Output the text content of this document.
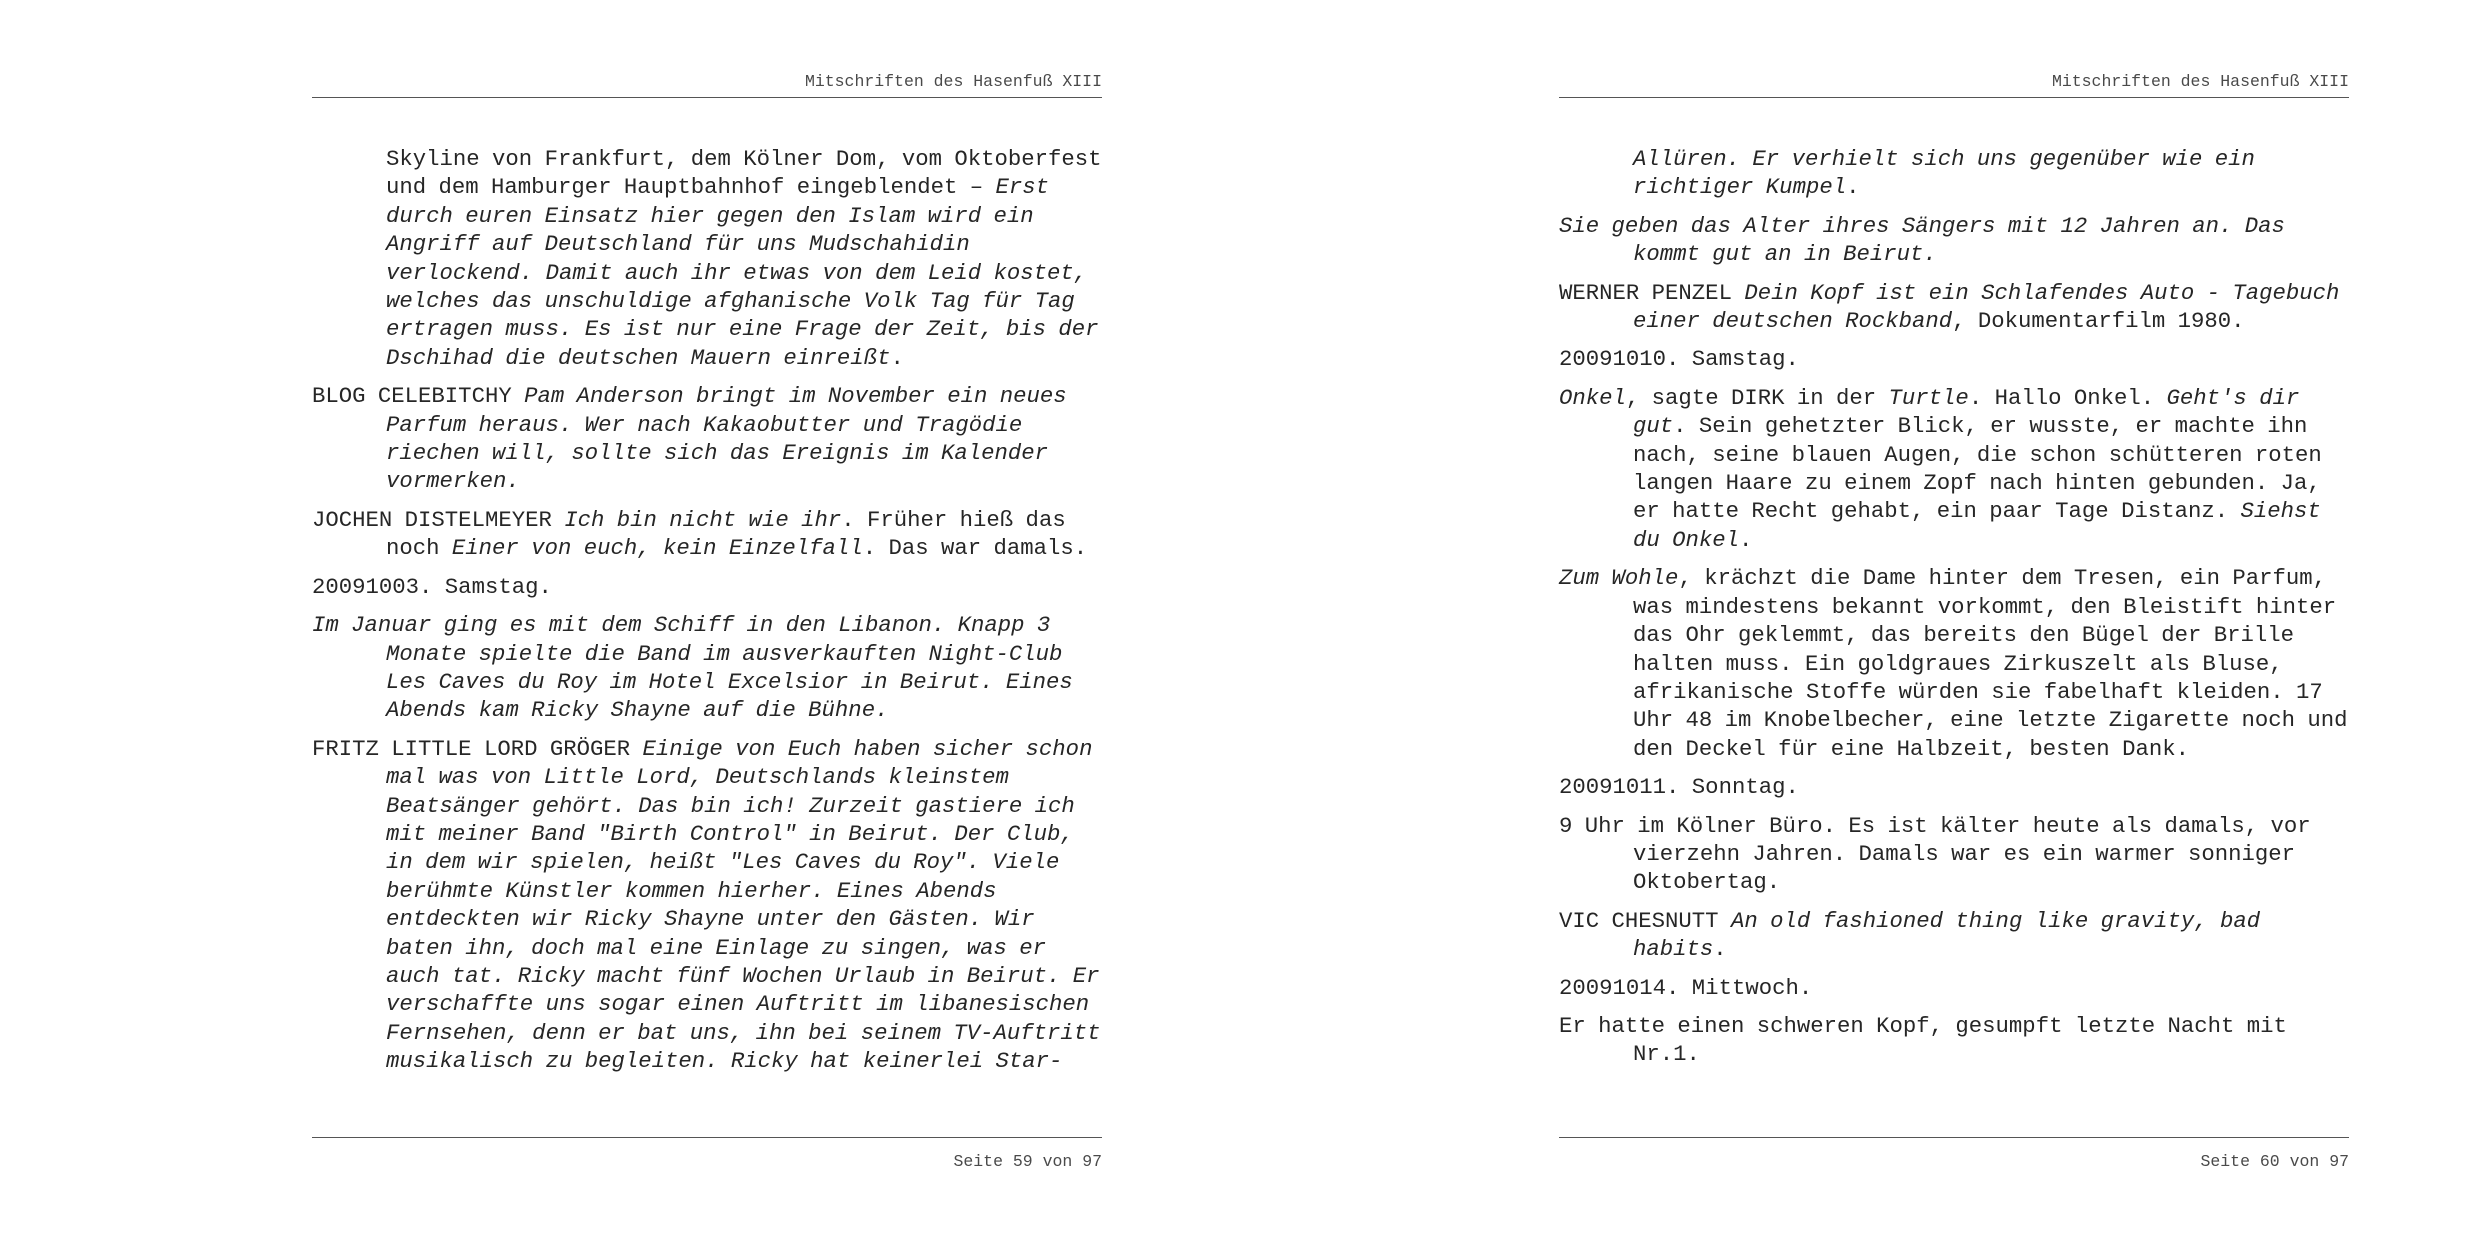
Mitschriften des Hasenfuß XIII

Skyline von Frankfurt, dem Kölner Dom, vom Oktoberfest und dem Hamburger Hauptbahnhof eingeblendet – Erst durch euren Einsatz hier gegen den Islam wird ein Angriff auf Deutschland für uns Mudschahidin verlockend. Damit auch ihr etwas von dem Leid kostet, welches das unschuldige afghanische Volk Tag für Tag ertragen muss. Es ist nur eine Frage der Zeit, bis der Dschihad die deutschen Mauern einreißt.

BLOG CELEBITCHY Pam Anderson bringt im November ein neues Parfum heraus. Wer nach Kakaobutter und Tragödie riechen will, sollte sich das Ereignis im Kalender vormerken.

JOCHEN DISTELMEYER Ich bin nicht wie ihr. Früher hieß das noch Einer von euch, kein Einzelfall. Das war damals.

20091003. Samstag.

Im Januar ging es mit dem Schiff in den Libanon. Knapp 3 Monate spielte die Band im ausverkauften Night-Club Les Caves du Roy im Hotel Excelsior in Beirut. Eines Abends kam Ricky Shayne auf die Bühne.

FRITZ LITTLE LORD GRÖGER Einige von Euch haben sicher schon mal was von Little Lord, Deutschlands kleinstem Beatsänger gehört. Das bin ich! Zurzeit gastiere ich mit meiner Band "Birth Control" in Beirut. Der Club, in dem wir spielen, heißt "Les Caves du Roy". Viele berühmte Künstler kommen hierher. Eines Abends entdeckten wir Ricky Shayne unter den Gästen. Wir baten ihn, doch mal eine Einlage zu singen, was er auch tat. Ricky macht fünf Wochen Urlaub in Beirut. Er verschaffte uns sogar einen Auftritt im libanesischen Fernsehen, denn er bat uns, ihn bei seinem TV-Auftritt musikalisch zu begleiten. Ricky hat keinerlei Star-

Seite 59 von 97
Mitschriften des Hasenfuß XIII

Allüren. Er verhielt sich uns gegenüber wie ein richtiger Kumpel.

Sie geben das Alter ihres Sängers mit 12 Jahren an. Das kommt gut an in Beirut.

WERNER PENZEL Dein Kopf ist ein Schlafendes Auto - Tagebuch einer deutschen Rockband, Dokumentarfilm 1980.

20091010. Samstag.

Onkel, sagte DIRK in der Turtle. Hallo Onkel. Geht's dir gut. Sein gehetzter Blick, er wusste, er machte ihn nach, seine blauen Augen, die schon schütteren roten langen Haare zu einem Zopf nach hinten gebunden. Ja, er hatte Recht gehabt, ein paar Tage Distanz. Siehst du Onkel.

Zum Wohle, krächzt die Dame hinter dem Tresen, ein Parfum, was mindestens bekannt vorkommt, den Bleistift hinter das Ohr geklemmt, das bereits den Bügel der Brille halten muss. Ein goldgraues Zirkuszelt als Bluse, afrikanische Stoffe würden sie fabelhaft kleiden. 17 Uhr 48 im Knobelbecher, eine letzte Zigarette noch und den Deckel für eine Halbzeit, besten Dank.

20091011. Sonntag.

9 Uhr im Kölner Büro. Es ist kälter heute als damals, vor vierzehn Jahren. Damals war es ein warmer sonniger Oktobertag.

VIC CHESNUTT An old fashioned thing like gravity, bad habits.

20091014. Mittwoch.

Er hatte einen schweren Kopf, gesumpft letzte Nacht mit Nr.1.

Seite 60 von 97
